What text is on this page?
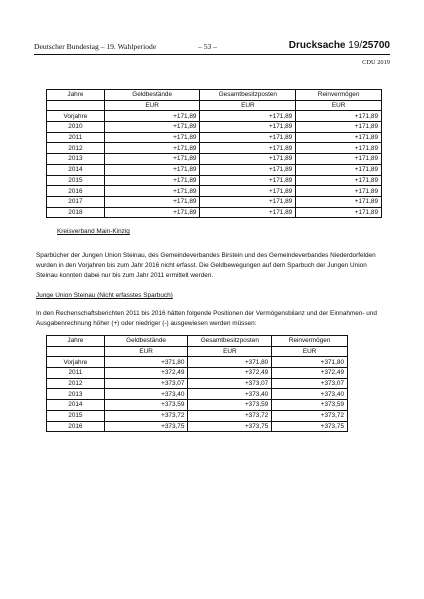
Deutscher Bundestag – 19. Wahlperiode	– 53 –	Drucksache 19/25700
CDU 2019
Jahre	Geldbestände	Gesamtbesitzposten	Reinvermögen
	EUR	EUR	EUR
Vorjahre	+171,89	+171,89	+171,89
2010	+171,89	+171,89	+171,89
2011	+171,89	+171,89	+171,89
2012	+171,89	+171,89	+171,89
2013	+171,89	+171,89	+171,89
2014	+171,89	+171,89	+171,89
2015	+171,89	+171,89	+171,89
2016	+171,89	+171,89	+171,89
2017	+171,89	+171,89	+171,89
2018	+171,89	+171,89	+171,89
Kreisverband Main-Kinzig
Sparbücher der Jungen Union Steinau, des Gemeindeverbandes Birstein und des Gemeindeverbandes Niederdorfelden wurden in den Vorjahren bis zum Jahr 2016 nicht erfasst. Die Geldbewegungen auf dem Sparbuch der Jungen Union Steinau konnten dabei nur bis zum Jahr 2011 ermittelt werden.
Junge Union Steinau (Nicht erfasstes Sparbuch)
In den Rechenschaftsberichten 2011 bis 2016 hätten folgende Positionen der Vermögensbilanz und der Einnahmen- und Ausgabenrechnung höher (+) oder niedriger (-) ausgewiesen werden müssen:
Jahre	Geldbestände	Gesamtbesitzposten	Reinvermögen
	EUR	EUR	EUR
Vorjahre	+371,80	+371,80	+371,80
2011	+372,49	+372,49	+372,49
2012	+373,07	+373,07	+373,07
2013	+373,40	+373,40	+373,40
2014	+373,59	+373,59	+373,59
2015	+373,72	+373,72	+373,72
2016	+373,75	+373,75	+373,75
